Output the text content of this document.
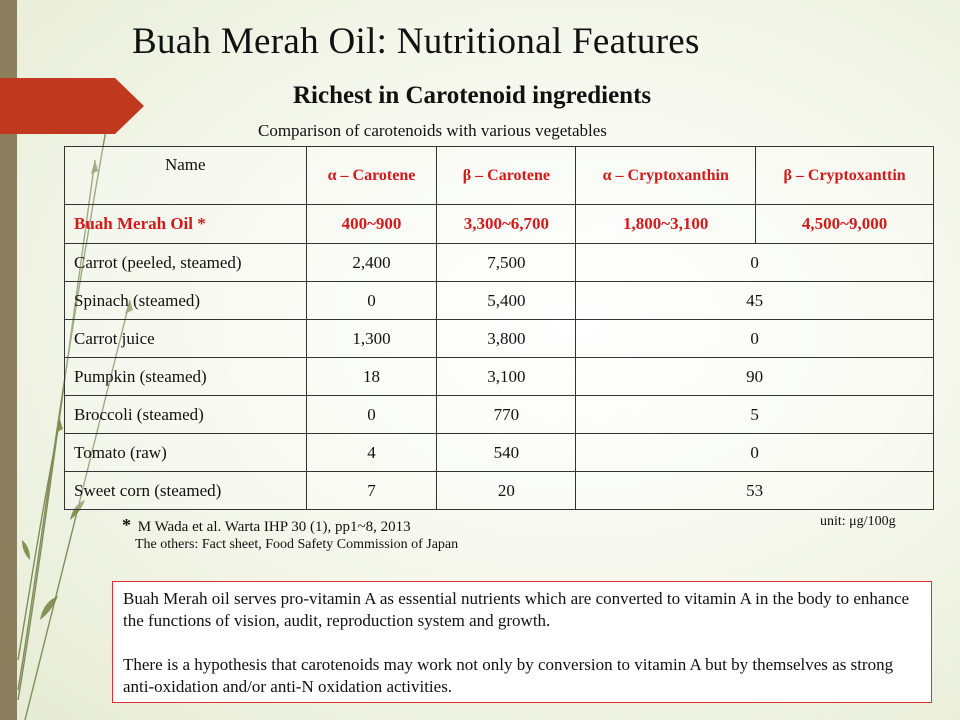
Buah Merah Oil: Nutritional Features
Richest in Carotenoid ingredients
Comparison of carotenoids with various vegetables
Name	α – Carotene	β – Carotene	α – Cryptoxanthin	β – Cryptoxanttin
Buah Merah Oil *	400~900	3,300~6,700	1,800~3,100	4,500~9,000
Carrot (peeled, steamed)	2,400	7,500	0	
Spinach (steamed)	0	5,400	45	
Carrot juice	1,300	3,800	0	
Pumpkin (steamed)	18	3,100	90	
Broccoli (steamed)	0	770	5	
Tomato (raw)	4	540	0	
Sweet corn (steamed)	7	20	53	
* M Wada et al. Warta IHP 30 (1), pp1~8, 2013
The others: Fact sheet, Food Safety Commission of Japan
unit: μg/100g

Buah Merah oil serves pro-vitamin A as essential nutrients which are converted to vitamin A in the body to enhance the functions of vision, audit, reproduction system and growth.

There is a hypothesis that carotenoids may work not only by conversion to vitamin A but by themselves as strong anti-oxidation and/or anti-N oxidation activities.
